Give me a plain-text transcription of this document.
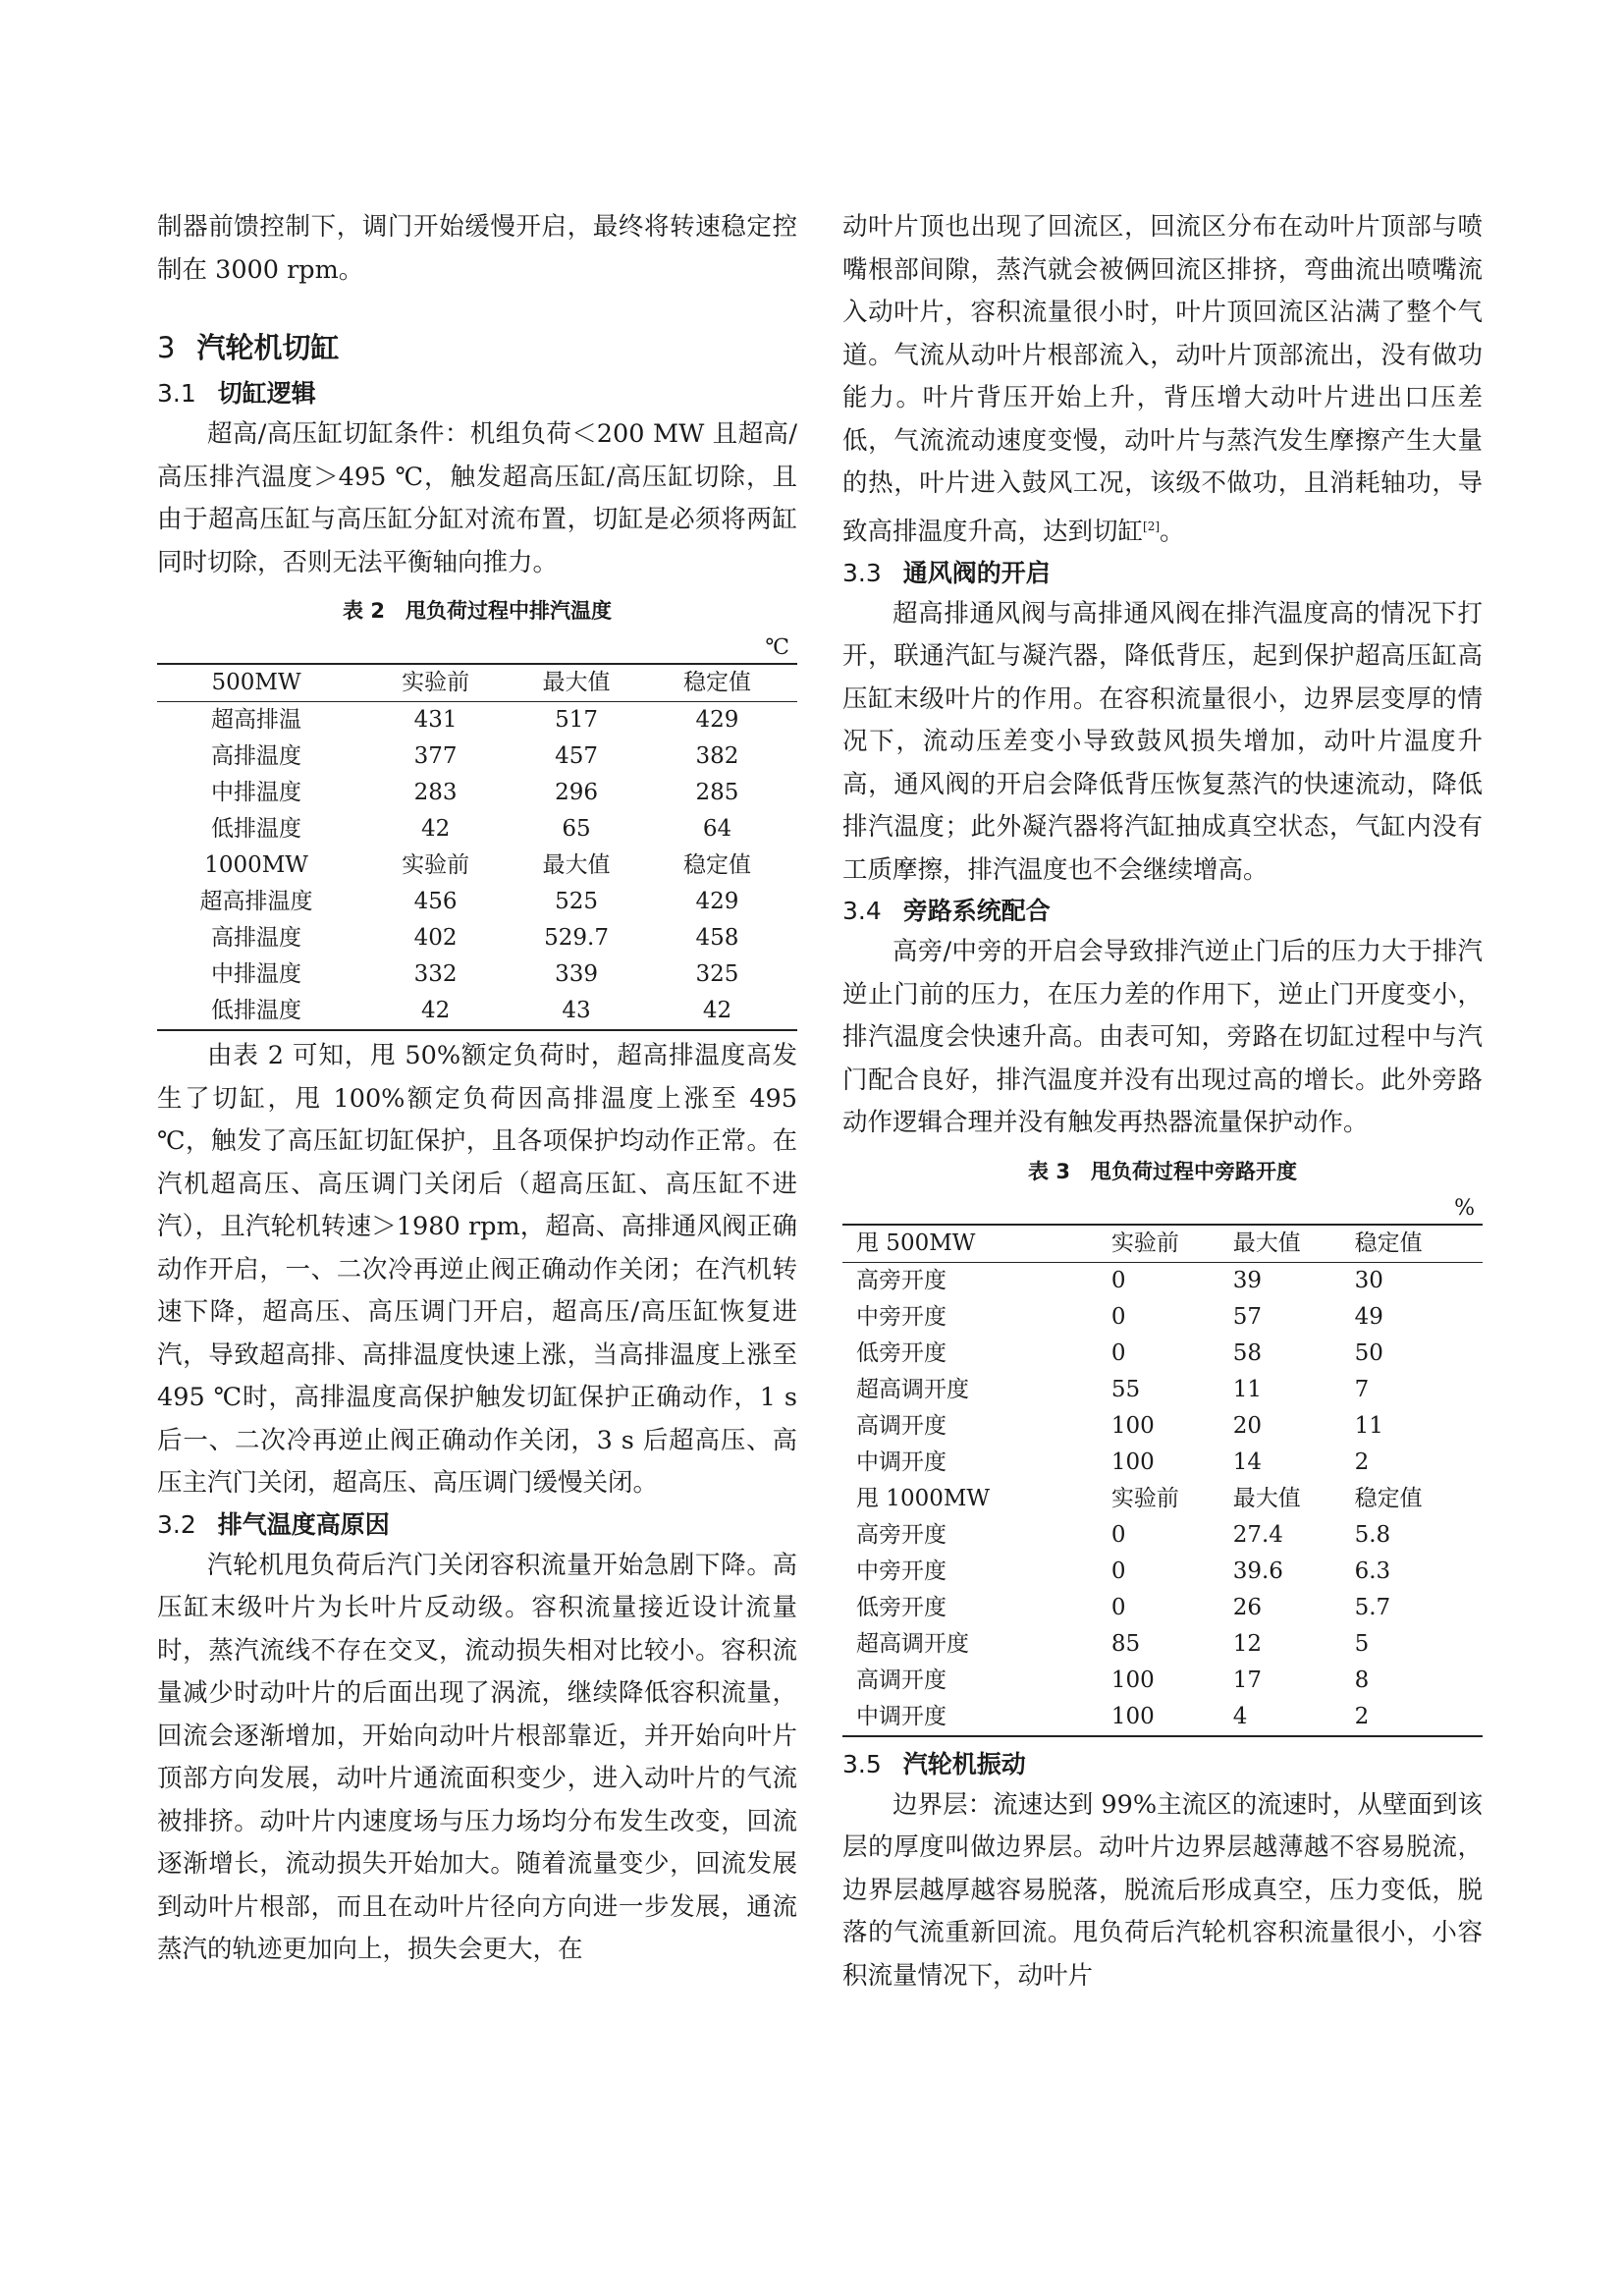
制器前馈控制下，调门开始缓慢开启，最终将转速稳定控制在 3000 rpm。

3 汽轮机切缸
3.1 切缸逻辑

超高/高压缸切缸条件：机组负荷＜200 MW 且超高/高压排汽温度＞495 ℃，触发超高压缸/高压缸切除，且由于超高压缸与高压缸分缸对流布置，切缸是必须将两缸同时切除，否则无法平衡轴向推力。

表 2　甩负荷过程中排汽温度
℃
500MW	实验前	最大值	稳定值
超高排温	431	517	429
高排温度	377	457	382
中排温度	283	296	285
低排温度	42	65	64
1000MW	实验前	最大值	稳定值
超高排温度	456	525	429
高排温度	402	529.7	458
中排温度	332	339	325
低排温度	42	43	42

由表 2 可知，甩 50%额定负荷时，超高排温度高发生了切缸，甩 100%额定负荷因高排温度上涨至 495 ℃，触发了高压缸切缸保护，且各项保护均动作正常。在汽机超高压、高压调门关闭后（超高压缸、高压缸不进汽），且汽轮机转速＞1980 rpm，超高、高排通风阀正确动作开启，一、二次冷再逆止阀正确动作关闭；在汽机转速下降，超高压、高压调门开启，超高压/高压缸恢复进汽，导致超高排、高排温度快速上涨，当高排温度上涨至 495 ℃时，高排温度高保护触发切缸保护正确动作，1 s 后一、二次冷再逆止阀正确动作关闭，3 s 后超高压、高压主汽门关闭，超高压、高压调门缓慢关闭。

3.2 排气温度高原因

汽轮机甩负荷后汽门关闭容积流量开始急剧下降。高压缸末级叶片为长叶片反动级。容积流量接近设计流量时，蒸汽流线不存在交叉，流动损失相对比较小。容积流量减少时动叶片的后面出现了涡流，继续降低容积流量，回流会逐渐增加，开始向动叶片根部靠近，并开始向叶片顶部方向发展，动叶片通流面积变少，进入动叶片的气流被排挤。动叶片内速度场与压力场均分布发生改变，回流逐渐增长，流动损失开始加大。随着流量变少，回流发展到动叶片根部，而且在动叶片径向方向进一步发展，通流蒸汽的轨迹更加向上，损失会更大，在

动叶片顶也出现了回流区，回流区分布在动叶片顶部与喷嘴根部间隙，蒸汽就会被俩回流区排挤，弯曲流出喷嘴流入动叶片，容积流量很小时，叶片顶回流区沾满了整个气道。气流从动叶片根部流入，动叶片顶部流出，没有做功能力。叶片背压开始上升，背压增大动叶片进出口压差低，气流流动速度变慢，动叶片与蒸汽发生摩擦产生大量的热，叶片进入鼓风工况，该级不做功，且消耗轴功，导致高排温度升高，达到切缸[2]。

3.3 通风阀的开启

超高排通风阀与高排通风阀在排汽温度高的情况下打开，联通汽缸与凝汽器，降低背压，起到保护超高压缸高压缸末级叶片的作用。在容积流量很小，边界层变厚的情况下，流动压差变小导致鼓风损失增加，动叶片温度升高，通风阀的开启会降低背压恢复蒸汽的快速流动，降低排汽温度；此外凝汽器将汽缸抽成真空状态，气缸内没有工质摩擦，排汽温度也不会继续增高。

3.4 旁路系统配合

高旁/中旁的开启会导致排汽逆止门后的压力大于排汽逆止门前的压力，在压力差的作用下，逆止门开度变小，排汽温度会快速升高。由表可知，旁路在切缸过程中与汽门配合良好，排汽温度并没有出现过高的增长。此外旁路动作逻辑合理并没有触发再热器流量保护动作。

表 3　甩负荷过程中旁路开度
%
甩 500MW	实验前	最大值	稳定值
高旁开度	0	39	30
中旁开度	0	57	49
低旁开度	0	58	50
超高调开度	55	11	7
高调开度	100	20	11
中调开度	100	14	2
甩 1000MW	实验前	最大值	稳定值
高旁开度	0	27.4	5.8
中旁开度	0	39.6	6.3
低旁开度	0	26	5.7
超高调开度	85	12	5
高调开度	100	17	8
中调开度	100	4	2
3.5 汽轮机振动

边界层：流速达到 99%主流区的流速时，从壁面到该层的厚度叫做边界层。动叶片边界层越薄越不容易脱流，边界层越厚越容易脱落，脱流后形成真空，压力变低，脱落的气流重新回流。甩负荷后汽轮机容积流量很小，小容积流量情况下，动叶片
